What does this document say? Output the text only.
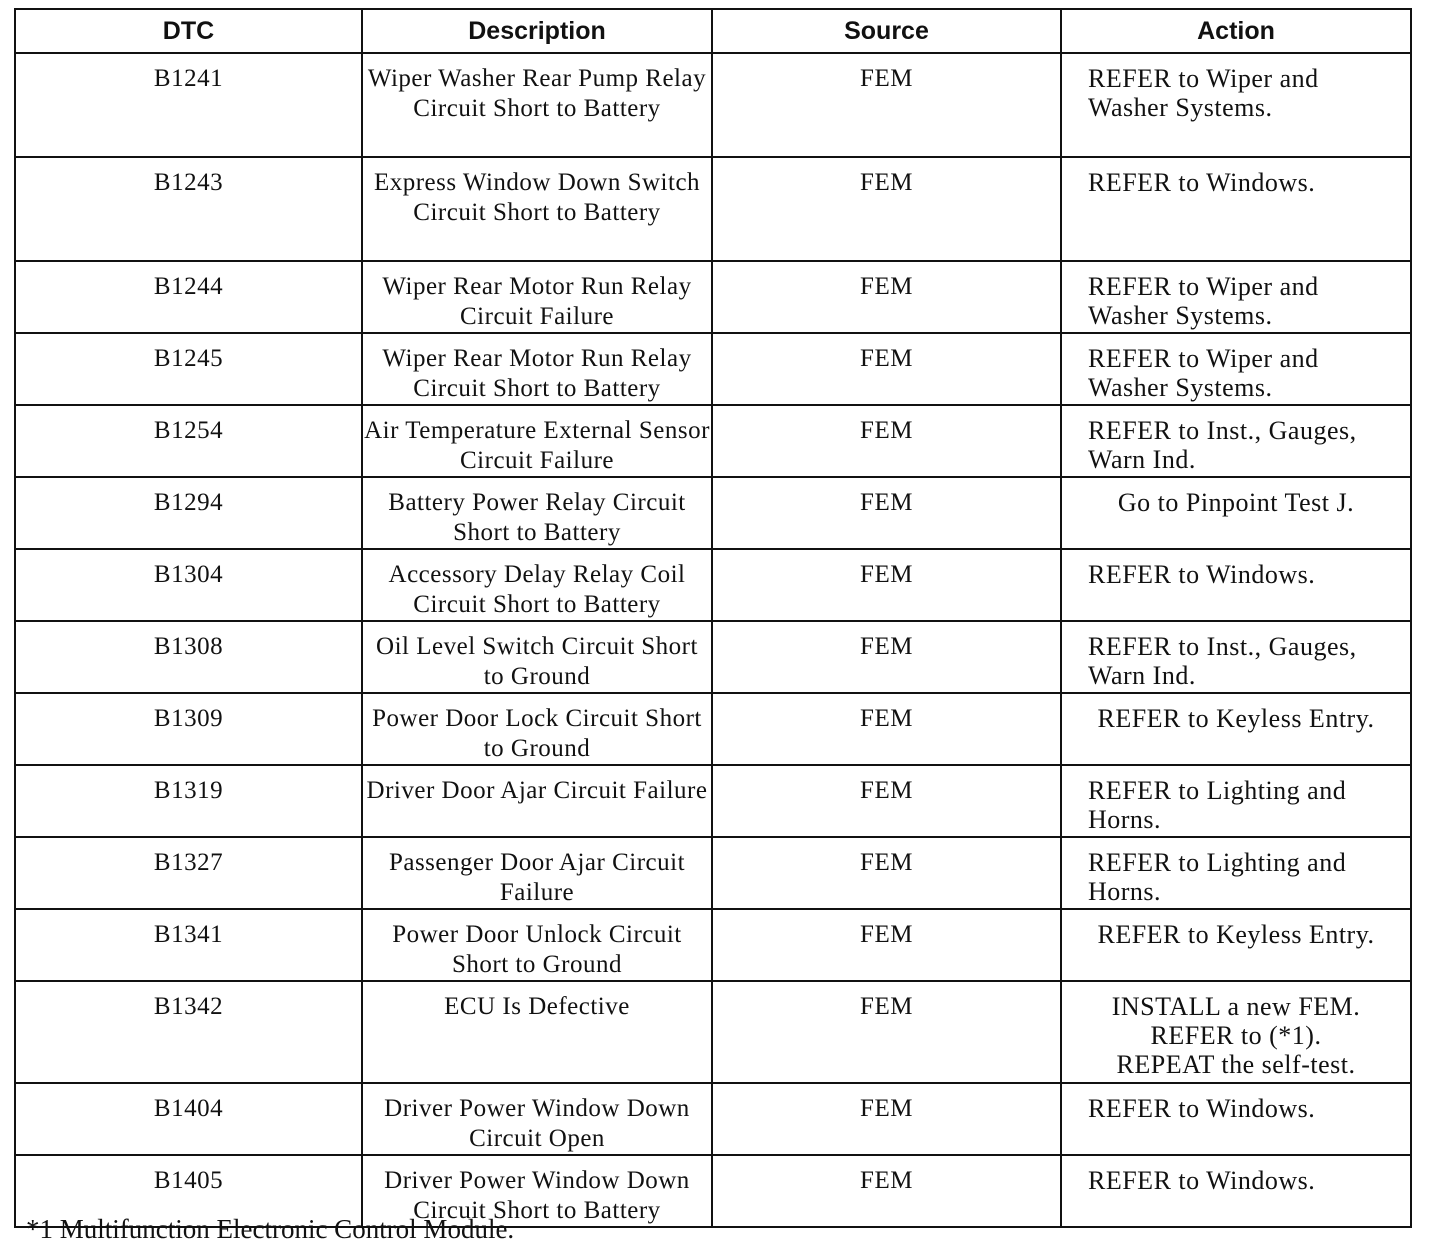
DTC	Description	Source	Action
B1241	Wiper Washer Rear Pump Relay Circuit Short to Battery	FEM	REFER to Wiper and Washer Systems.
B1243	Express Window Down Switch Circuit Short to Battery	FEM	REFER to Windows.
B1244	Wiper Rear Motor Run Relay Circuit Failure	FEM	REFER to Wiper and Washer Systems.
B1245	Wiper Rear Motor Run Relay Circuit Short to Battery	FEM	REFER to Wiper and Washer Systems.
B1254	Air Temperature External Sensor Circuit Failure	FEM	REFER to Inst., Gauges, Warn Ind.
B1294	Battery Power Relay Circuit Short to Battery	FEM	Go to Pinpoint Test J.
B1304	Accessory Delay Relay Coil Circuit Short to Battery	FEM	REFER to Windows.
B1308	Oil Level Switch Circuit Short to Ground	FEM	REFER to Inst., Gauges, Warn Ind.
B1309	Power Door Lock Circuit Short to Ground	FEM	REFER to Keyless Entry.
B1319	Driver Door Ajar Circuit Failure	FEM	REFER to Lighting and Horns.
B1327	Passenger Door Ajar Circuit Failure	FEM	REFER to Lighting and Horns.
B1341	Power Door Unlock Circuit Short to Ground	FEM	REFER to Keyless Entry.
B1342	ECU Is Defective	FEM	INSTALL a new FEM.
REFER to (*1).
REPEAT the self-test.

B1404	Driver Power Window Down Circuit Open	FEM	REFER to Windows.
B1405	Driver Power Window Down Circuit Short to Battery	FEM	REFER to Windows.
*1 Multifunction Electronic Control Module.
